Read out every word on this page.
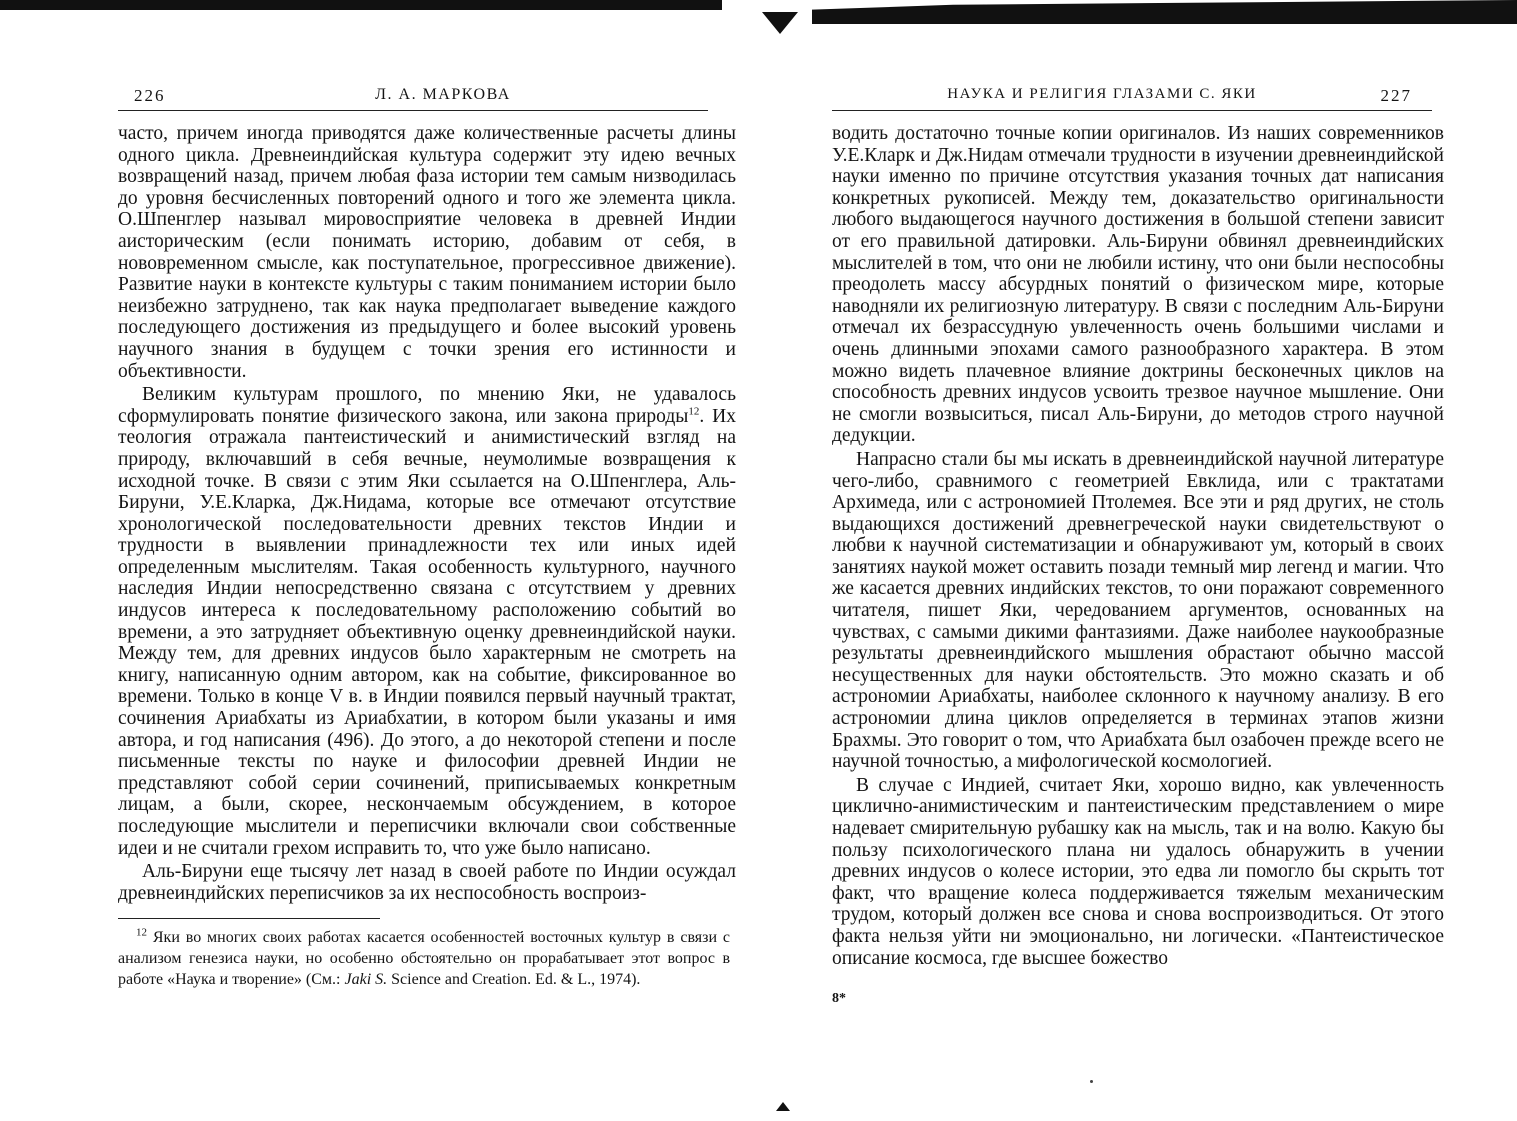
226	Л. А. МАРКОВА

часто, причем иногда приводятся даже количественные расчеты длины одного цикла. Древнеиндийская культура содержит эту идею вечных возвращений назад, причем любая фаза истории тем самым низводилась до уровня бесчисленных повторений одного и того же элемента цикла. О.Шпенглер называл мировосприятие человека в древней Индии аисторическим (если понимать историю, добавим от себя, в нововременном смысле, как поступательное, прогрессивное движение). Развитие науки в контексте культуры с таким пониманием истории было неизбежно затруднено, так как наука предполагает выведение каждого последующего достижения из предыдущего и более высокий уровень научного знания в будущем с точки зрения его истинности и объективности.

Великим культурам прошлого, по мнению Яки, не удавалось сформулировать понятие физического закона, или закона природы$^{12}$. Их теология отражала пантеистический и анимистический взгляд на природу, включавший в себя вечные, неумолимые возвращения к исходной точке. В связи с этим Яки ссылается на О.Шпенглера, Аль-Бируни, У.Е.Кларка, Дж.Нидама, которые все отмечают отсутствие хронологической последовательности древних текстов Индии и трудности в выявлении принадлежности тех или иных идей определенным мыслителям. Такая особенность культурного, научного наследия Индии непосредственно связана с отсутствием у древних индусов интереса к последовательному расположению событий во времени, а это затрудняет объективную оценку древнеиндийской науки. Между тем, для древних индусов было характерным не смотреть на книгу, написанную одним автором, как на событие, фиксированное во времени. Только в конце V в. в Индии появился первый научный трактат, сочинения Ариабхаты из Ариабхатии, в котором были указаны и имя автора, и год написания (496). До этого, а до некоторой степени и после письменные тексты по науке и философии древней Индии не представляют собой серии сочинений, приписываемых конкретным лицам, а были, скорее, нескончаемым обсуждением, в которое последующие мыслители и переписчики включали свои собственные идеи и не считали грехом исправить то, что уже было написано.

Аль-Бируни еще тысячу лет назад в своей работе по Индии осуждал древнеиндийских переписчиков за их неспособность воспроиз-

$^{12}$ Яки во многих своих работах касается особенностей восточных культур в связи с анализом генезиса науки, но особенно обстоятельно он прорабатывает этот вопрос в работе «Наука и творение» (См.: Jaki S. Science and Creation. Ed. & L., 1974).
НАУКА И РЕЛИГИЯ ГЛАЗАМИ С. ЯКИ	227

водить достаточно точные копии оригиналов. Из наших современников У.Е.Кларк и Дж.Нидам отмечали трудности в изучении древнеиндийской науки именно по причине отсутствия указания точных дат написания конкретных рукописей. Между тем, доказательство оригинальности любого выдающегося научного достижения в большой степени зависит от его правильной датировки. Аль-Бируни обвинял древнеиндийских мыслителей в том, что они не любили истину, что они были неспособны преодолеть массу абсурдных понятий о физическом мире, которые наводняли их религиозную литературу. В связи с последним Аль-Бируни отмечал их безрассудную увлеченность очень большими числами и очень длинными эпохами самого разнообразного характера. В этом можно видеть плачевное влияние доктрины бесконечных циклов на способность древних индусов усвоить трезвое научное мышление. Они не смогли возвыситься, писал Аль-Бируни, до методов строго научной дедукции.

Напрасно стали бы мы искать в древнеиндийской научной литературе чего-либо, сравнимого с геометрией Евклида, или с трактатами Архимеда, или с астрономией Птолемея. Все эти и ряд других, не столь выдающихся достижений древнегреческой науки свидетельствуют о любви к научной систематизации и обнаруживают ум, который в своих занятиях наукой может оставить позади темный мир легенд и магии. Что же касается древних индийских текстов, то они поражают современного читателя, пишет Яки, чередованием аргументов, основанных на чувствах, с самыми дикими фантазиями. Даже наиболее наукообразные результаты древнеиндийского мышления обрастают обычно массой несущественных для науки обстоятельств. Это можно сказать и об астрономии Ариабхаты, наиболее склонного к научному анализу. В его астрономии длина циклов определяется в терминах этапов жизни Брахмы. Это говорит о том, что Ариабхата был озабочен прежде всего не научной точностью, а мифологической космологией.

В случае с Индией, считает Яки, хорошо видно, как увлеченность циклично-анимистическим и пантеистическим представлением о мире надевает смирительную рубашку как на мысль, так и на волю. Какую бы пользу психологического плана ни удалось обнаружить в учении древних индусов о колесе истории, это едва ли помогло бы скрыть тот факт, что вращение колеса поддерживается тяжелым механическим трудом, который должен все снова и снова воспроизводиться. От этого факта нельзя уйти ни эмоционально, ни логически. «Пантеистическое описание космоса, где высшее божество

8*
